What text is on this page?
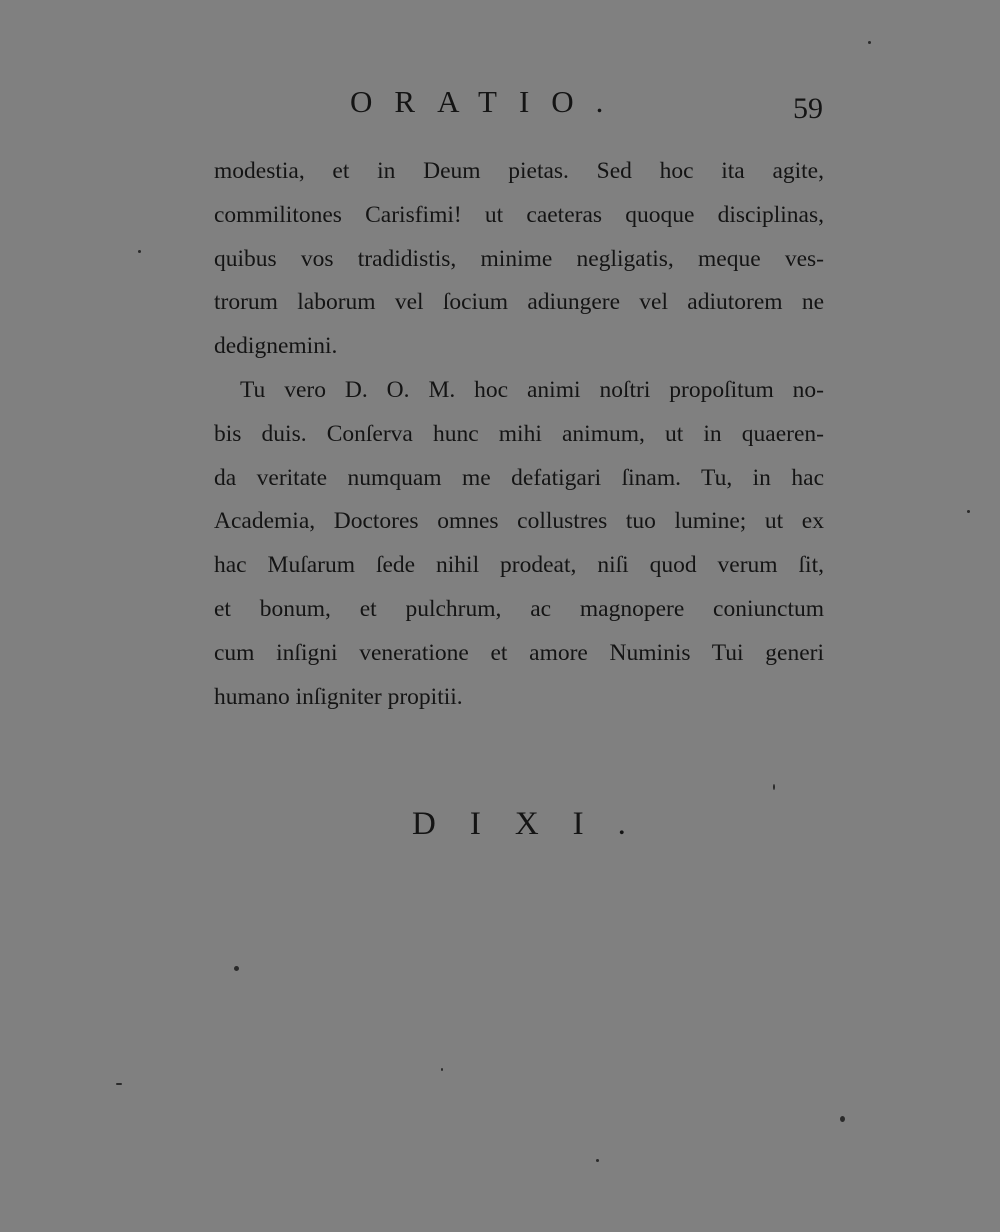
ORATIO.	59
modestia, et in Deum pietas. Sed hoc ita agite,
commilitones Carisfimi! ut caeteras quoque disciplinas,
quibus vos tradidistis, minime negligatis, meque ves-
trorum laborum vel ſocium adiungere vel adiutorem ne
dedignemini.
Tu vero D. O. M. hoc animi noſtri propoſitum no-
bis duis. Conſerva hunc mihi animum, ut in quaeren-
da veritate numquam me defatigari ſinam. Tu, in hac
Academia, Doctores omnes collustres tuo lumine; ut ex
hac Muſarum ſede nihil prodeat, niſi quod verum ſit,
et bonum, et pulchrum, ac magnopere coniunctum
cum inſigni veneratione et amore Numinis Tui generi
humano inſigniter propitii.
DIXI.
